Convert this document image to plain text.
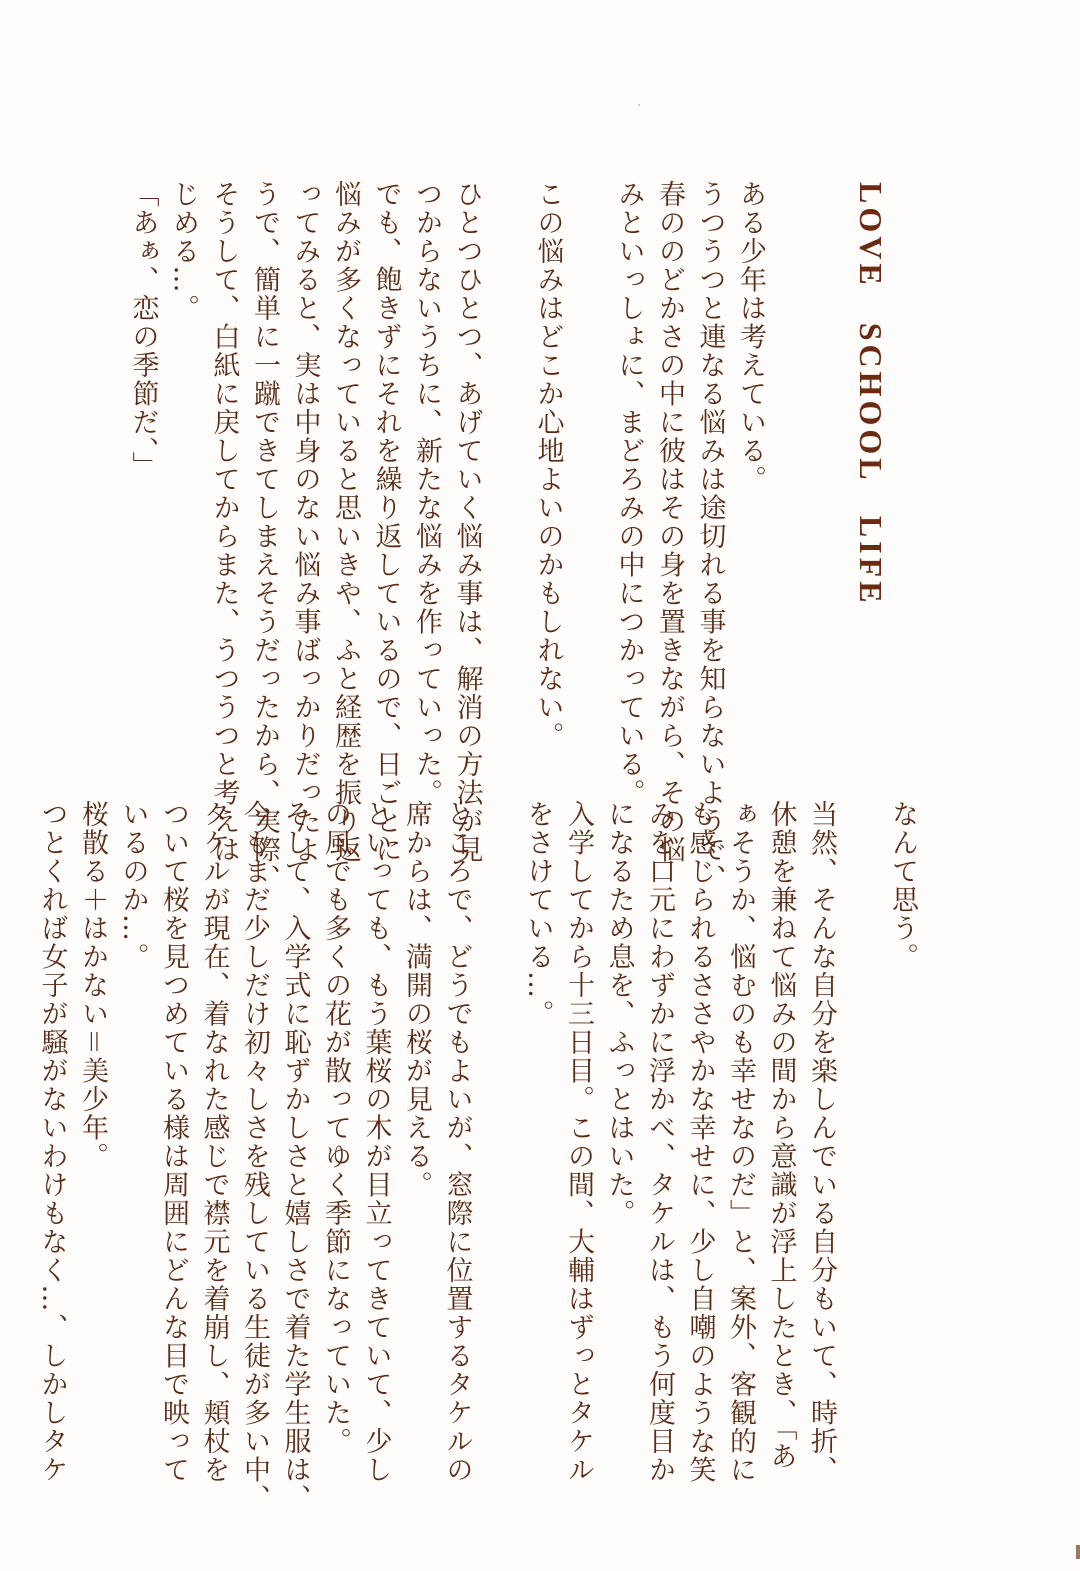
LOVE SCHOOL LIFE
ある少年は考えている。
うつうつと連なる悩みは途切れる事を知らないようで、
春ののどかさの中に彼はその身を置きながら、その悩
みといっしょに、まどろみの中につかっている。
この悩みはどこか心地よいのかもしれない。
ひとつひとつ、あげていく悩み事は、解消の方法が見
つからないうちに、新たな悩みを作っていった。
でも、飽きずにそれを繰り返しているので、日ごとに
悩みが多くなっていると思いきや、ふと経歴を振り返
ってみると、実は中身のない悩み事ばっかりだったよ
うで、簡単に一蹴できてしまえそうだったから、実際、
そうして、白紙に戻してからまた、うつうつと考えは
じめる…。
「あぁ、恋の季節だ、」
なんて思う。
当然、そんな自分を楽しんでいる自分もいて、時折、
休憩を兼ねて悩みの間から意識が浮上したとき、「あ
ぁそうか、悩むのも幸せなのだ」と、案外、客観的に
も感じられるささやかな幸せに、少し自嘲のような笑
みを口元にわずかに浮かべ、タケルは、もう何度目か
になるため息を、ふっとはいた。
入学してから十三日目。この間、大輔はずっとタケル
をさけている…。
ところで、どうでもよいが、窓際に位置するタケルの
席からは、満開の桜が見える。
といっても、もう葉桜の木が目立ってきていて、少し
の風でも多くの花が散ってゆく季節になっていた。
そして、入学式に恥ずかしさと嬉しさで着た学生服は、
今もまだ少しだけ初々しさを残している生徒が多い中、
タケルが現在、着なれた感じで襟元を着崩し、頬杖を
ついて桜を見つめている様は周囲にどんな目で映って
いるのか…。
桜散る＋はかない＝美少年。
つとくれば女子が騒がないわけもなく…、しかしタケ
